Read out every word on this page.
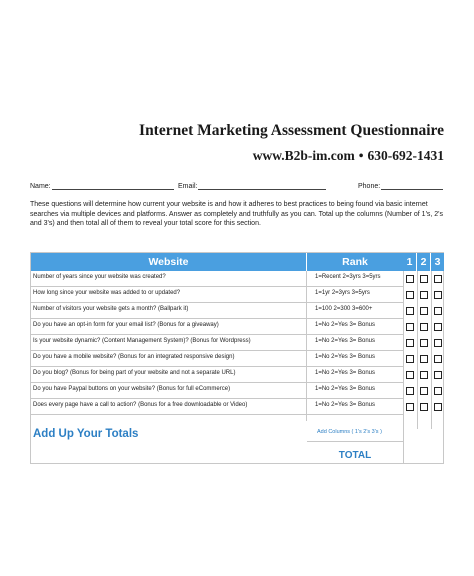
Internet Marketing Assessment Questionnaire
www.B2b-im.com • 630-692-1431
Name:	Email:	Phone:
These questions will determine how current your website is and how it adheres to best practices to being found via basic internet searches via multiple devices and platforms. Answer as completely and truthfully as you can. Total up the columns (Number of 1's, 2's and 3's) and then total all of them to reveal your total score for this section.
Website	Rank	1 2 3
Number of years since your website was created?	1=Recent 2=3yrs 3=5yrs
How long since your website was added to or updated?	1=1yr 2=3yrs 3=5yrs
Number of visitors your website gets a month? (Ballpark it)	1=100 2=300 3=600+
Do you have an opt-in form for your email list? (Bonus for a giveaway)	1=No 2=Yes 3= Bonus
Is your website dynamic? (Content Management System)? (Bonus for Wordpress)	1=No 2=Yes 3= Bonus
Do you have a mobile website? (Bonus for an integrated responsive design)	1=No 2=Yes 3= Bonus
Do you blog? (Bonus for being part of your website and not a separate URL)	1=No 2=Yes 3= Bonus
Do you have Paypal buttons on your website? (Bonus for full eCommerce)	1=No 2=Yes 3= Bonus
Does every page have a call to action? (Bonus for a free downloadable or Video)	1=No 2=Yes 3= Bonus
Add Up Your Totals	Add Columns ( 1's 2's 3's )
TOTAL
